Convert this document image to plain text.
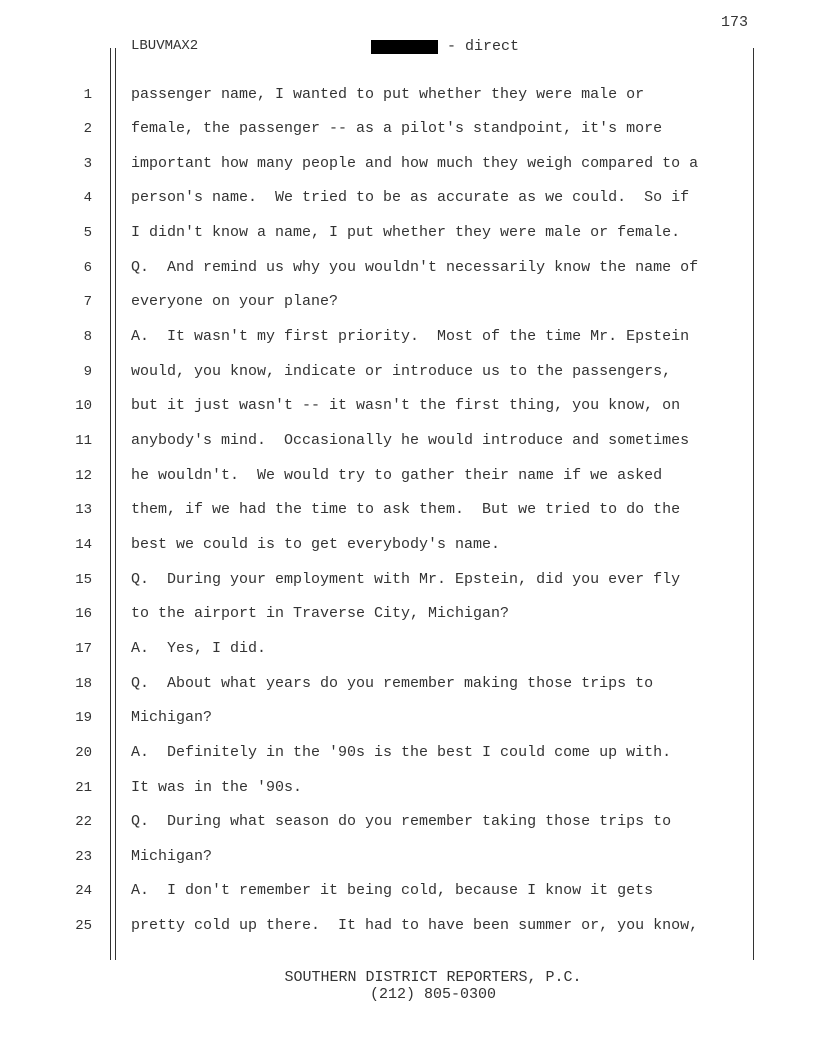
173
LBUVMAX2	- direct
1	passenger name, I wanted to put whether they were male or
2	female, the passenger -- as a pilot's standpoint, it's more
3	important how many people and how much they weigh compared to a
4	person's name.  We tried to be as accurate as we could.  So if
5	I didn't know a name, I put whether they were male or female.
6	Q.  And remind us why you wouldn't necessarily know the name of
7	everyone on your plane?
8	A.  It wasn't my first priority.  Most of the time Mr. Epstein
9	would, you know, indicate or introduce us to the passengers,
10	but it just wasn't -- it wasn't the first thing, you know, on
11	anybody's mind.  Occasionally he would introduce and sometimes
12	he wouldn't.  We would try to gather their name if we asked
13	them, if we had the time to ask them.  But we tried to do the
14	best we could is to get everybody's name.
15	Q.  During your employment with Mr. Epstein, did you ever fly
16	to the airport in Traverse City, Michigan?
17	A.  Yes, I did.
18	Q.  About what years do you remember making those trips to
19	Michigan?
20	A.  Definitely in the '90s is the best I could come up with.
21	It was in the '90s.
22	Q.  During what season do you remember taking those trips to
23	Michigan?
24	A.  I don't remember it being cold, because I know it gets
25	pretty cold up there.  It had to have been summer or, you know,
SOUTHERN DISTRICT REPORTERS, P.C.
(212) 805-0300
